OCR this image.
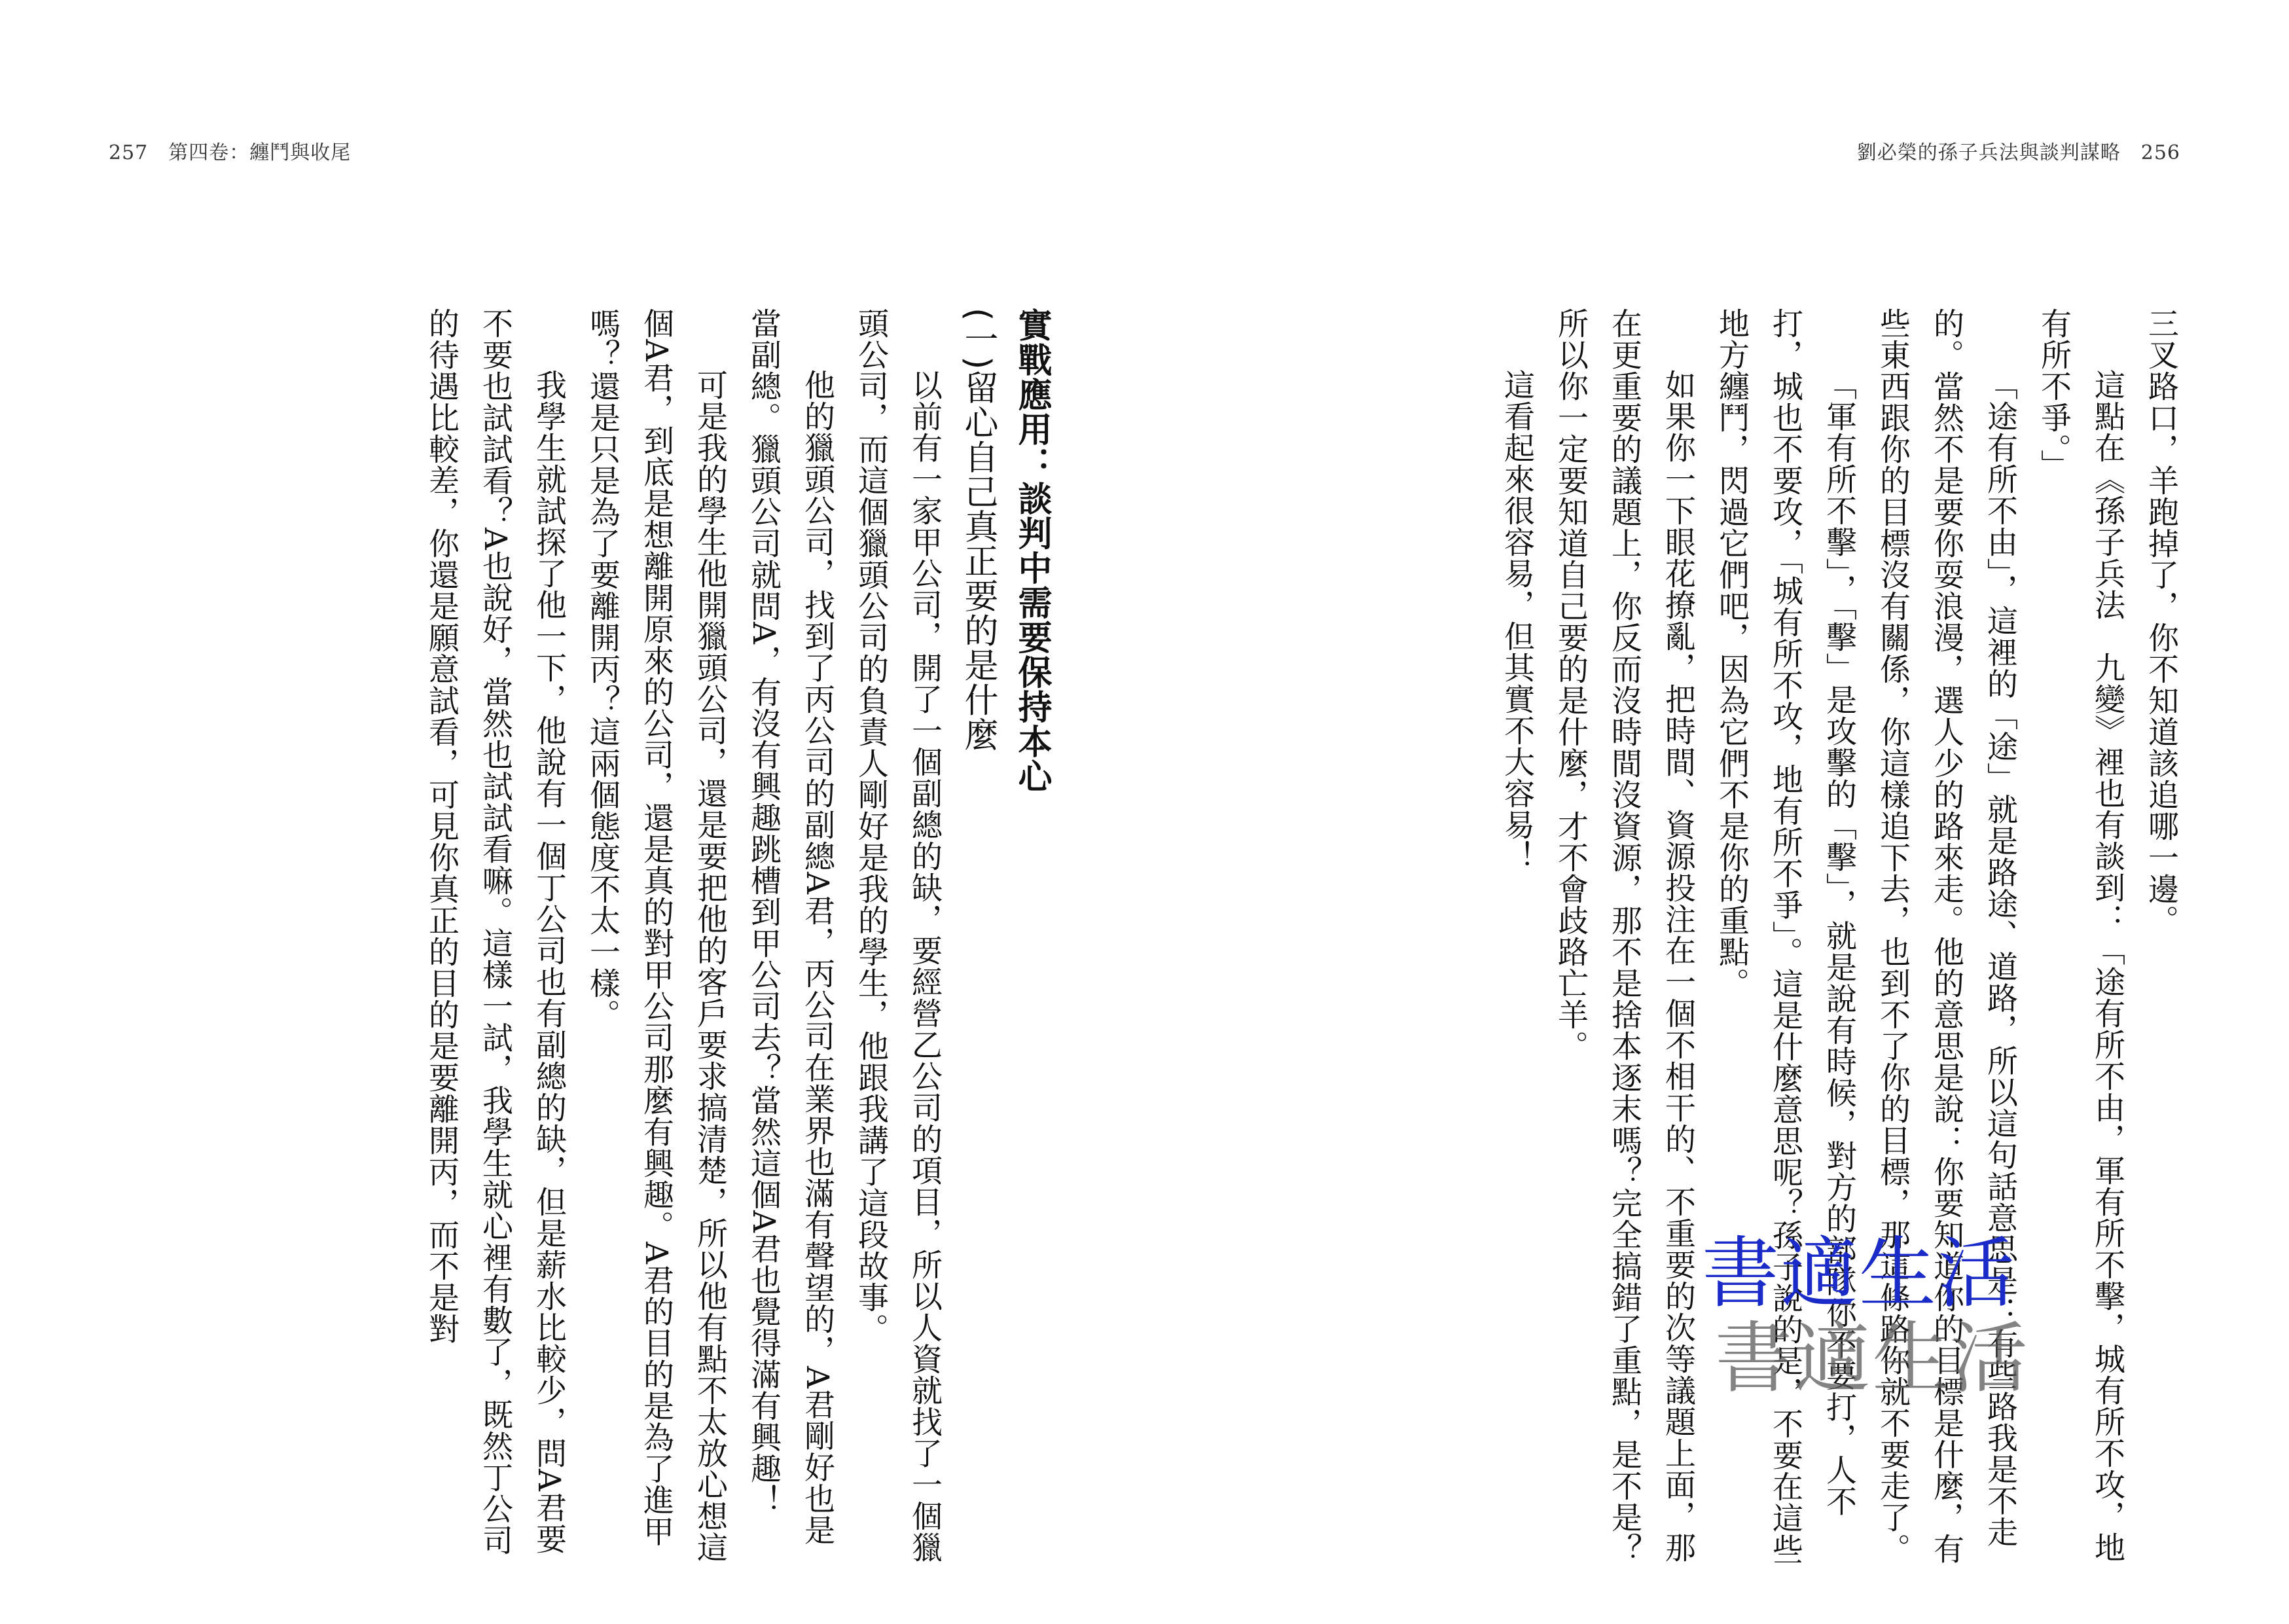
257　第四卷：纏鬥與收尾	劉必榮的孫子兵法與談判謀略　256

三叉路口，羊跑掉了，你不知道該追哪一邊。

這點在《孫子兵法　九變》裡也有談到：「途有所不由，軍有所不擊，城有所不攻，地有所不爭。」

「途有所不由」，這裡的「途」就是路途、道路，所以這句話意思是：有些路我是不走的。當然不是要你耍浪漫，選人少的路來走。他的意思是說：你要知道你的目標是什麼，有些東西跟你的目標沒有關係，你這樣追下去，也到不了你的目標，那這條路你就不要走了。

「軍有所不擊」，「擊」是攻擊的「擊」，就是說有時候，對方的部隊你不要打，人不打，城也不要攻，「城有所不攻，地有所不爭」。這是什麼意思呢？孫子說的是，不要在這些地方纏鬥，閃過它們吧，因為它們不是你的重點。

如果你一下眼花撩亂，把時間、資源投注在一個不相干的、不重要的次等議題上面，那在更重要的議題上，你反而沒時間沒資源，那不是捨本逐末嗎？完全搞錯了重點，是不是？所以你一定要知道自己要的是什麼，才不會歧路亡羊。

這看起來很容易，但其實不大容易！

實戰應用：談判中需要保持本心

(一)留心自己真正要的是什麼

以前有一家甲公司，開了一個副總的缺，要經營乙公司的項目，所以人資就找了一個獵頭公司，而這個獵頭公司的負責人剛好是我的學生，他跟我講了這段故事。

他的獵頭公司，找到了丙公司的副總A君，丙公司在業界也滿有聲望的，A君剛好也是當副總。獵頭公司就問A，有沒有興趣跳槽到甲公司去？當然這個A君也覺得滿有興趣！

可是我的學生他開獵頭公司，還是要把他的客戶要求搞清楚，所以他有點不太放心想這個A君，到底是想離開原來的公司，還是真的對甲公司那麼有興趣。A君的目的是為了進甲嗎？還是只是為了要離開丙？這兩個態度不太一樣。

我學生就試探了他一下，他說有一個丁公司也有副總的缺，但是薪水比較少，問A君要不要也試試看？A也說好，當然也試試看嘛。這樣一試，我學生就心裡有數了，既然丁公司的待遇比較差，你還是願意試看，可見你真正的目的是要離開丙，而不是對

書適生活
書適生活
